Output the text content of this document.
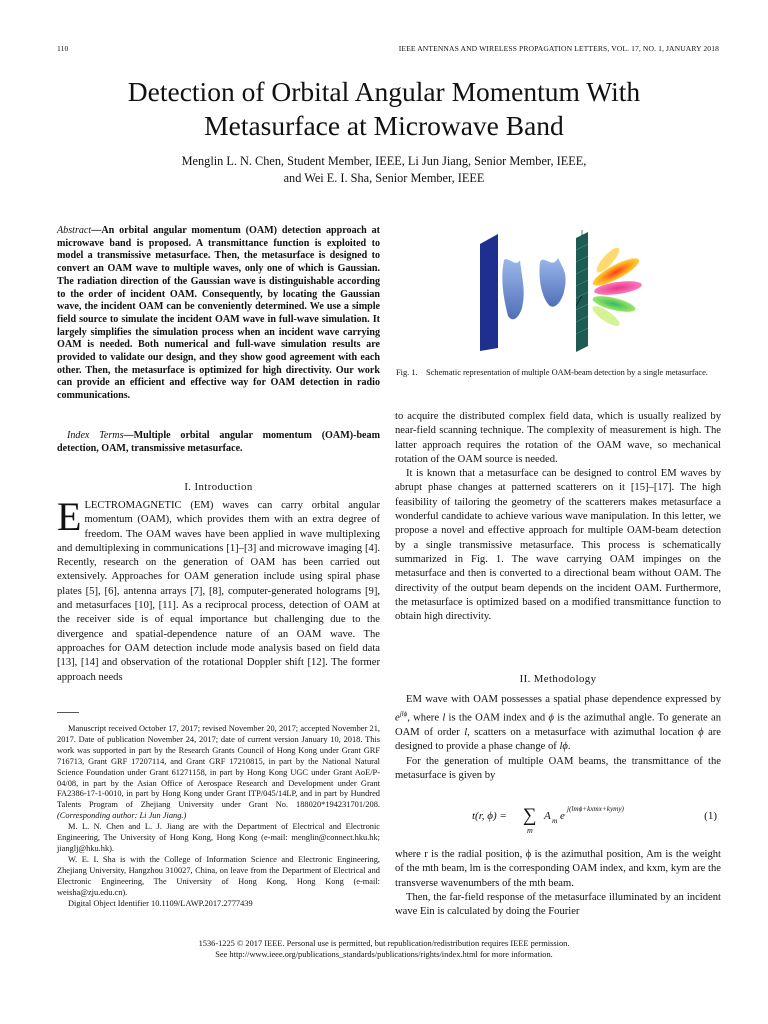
110	IEEE ANTENNAS AND WIRELESS PROPAGATION LETTERS, VOL. 17, NO. 1, JANUARY 2018
Detection of Orbital Angular Momentum With
Metasurface at Microwave Band
Menglin L. N. Chen, Student Member, IEEE, Li Jun Jiang, Senior Member, IEEE,
and Wei E. I. Sha, Senior Member, IEEE
Abstract—An orbital angular momentum (OAM) detection approach at microwave band is proposed. A transmittance function is exploited to model a transmissive metasurface. Then, the metasurface is designed to convert an OAM wave to multiple waves, only one of which is Gaussian. The radiation direction of the Gaussian wave is distinguishable according to the order of incident OAM. Consequently, by locating the Gaussian wave, the incident OAM can be conveniently determined. We use a simple field source to simulate the incident OAM wave in full-wave simulation. It largely simplifies the simulation process when an incident wave carrying OAM is needed. Both numerical and full-wave simulation results are provided to validate our design, and they show good agreement with each other. Then, the metasurface is optimized for high directivity. Our work can provide an efficient and effective way for OAM detection in radio communications.
Index Terms—Multiple orbital angular momentum (OAM)-beam detection, OAM, transmissive metasurface.
I. Introduction
ELECTROMAGNETIC (EM) waves can carry orbital angular momentum (OAM), which provides them with an extra degree of freedom. The OAM waves have been applied in wave multiplexing and demultiplexing in communications [1]–[3] and microwave imaging [4]. Recently, research on the generation of OAM has been carried out extensively. Approaches for OAM generation include using spiral phase plates [5], [6], antenna arrays [7], [8], computer-generated holograms [9], and metasurfaces [10], [11]. As a reciprocal process, detection of OAM at the receiver side is of equal importance but challenging due to the divergence and spatial-dependence nature of an OAM wave. The approaches for OAM detection include mode analysis based on field data [13], [14] and observation of the rotational Doppler shift [12]. The former approach needs

Manuscript received October 17, 2017; revised November 20, 2017; accepted November 21, 2017. Date of publication November 24, 2017; date of current version January 10, 2018. This work was supported in part by the Research Grants Council of Hong Kong under Grant GRF 716713, Grant GRF 17207114, and Grant GRF 17210815, in part by the National Natural Science Foundation under Grant 61271158, in part by Hong Kong UGC under Grant AoE/P-04/08, in part by the Asian Office of Aerospace Research and Development under Grant FA2386-17-1-0010, in part by Hong Kong under Grant ITP/045/14LP, and in part by Hundred Talents Program of Zhejiang University under Grant No. 188020*194231701/208. (Corresponding author: Li Jun Jiang.)

M. L. N. Chen and L. J. Jiang are with the Department of Electrical and Electronic Engineering, The University of Hong Kong, Hong Kong (e-mail: menglin@connect.hku.hk; jianglj@hku.hk).

W. E. I. Sha is with the College of Information Science and Electronic Engineering, Zhejiang University, Hangzhou 310027, China, on leave from the Department of Electrical and Electronic Engineering, The University of Hong Kong, Hong Kong (e-mail: weisha@zju.edu.cn).

Digital Object Identifier 10.1109/LAWP.2017.2777439

Fig. 1. Schematic representation of multiple OAM-beam detection by a single metasurface.

to acquire the distributed complex field data, which is usually realized by near-field scanning technique. The complexity of measurement is high. The latter approach requires the rotation of the OAM wave, so mechanical rotation of the OAM source is needed.

It is known that a metasurface can be designed to control EM waves by abrupt phase changes at patterned scatterers on it [15]–[17]. The high feasibility of tailoring the geometry of the scatterers makes metasurface a wonderful candidate to achieve various wave manipulation. In this letter, we propose a novel and effective approach for multiple OAM-beam detection by a single transmissive metasurface. This process is schematically summarized in Fig. 1. The wave carrying OAM impinges on the metasurface and then is converted to a directional beam without OAM. The directivity of the output beam depends on the incident OAM. Furthermore, the metasurface is optimized based on a modified transmittance function to obtain high directivity.

II. Methodology

EM wave with OAM possesses a spatial phase dependence expressed by $e^{jl\phi}$, where l is the OAM index and ϕ is the azimuthal angle. To generate an OAM of order l, scatters on a metasurface with azimuthal location ϕ are designed to provide a phase change of lϕ.

For the generation of multiple OAM beams, the transmittance of the metasurface is given by

t(r, ϕ) = ∑
m
A m e
j(lmϕ+kxmx+kymy)
(1)

where r is the radial position, ϕ is the azimuthal position, Am is the weight of the mth beam, lm is the corresponding OAM index, and kxm, kym are the transverse wavenumbers of the mth beam.

Then, the far-field response of the metasurface illuminated by an incident wave Ein is calculated by doing the Fourier

1536-1225 © 2017 IEEE. Personal use is permitted, but republication/redistribution requires IEEE permission.
See http://www.ieee.org/publications_standards/publications/rights/index.html for more information.
